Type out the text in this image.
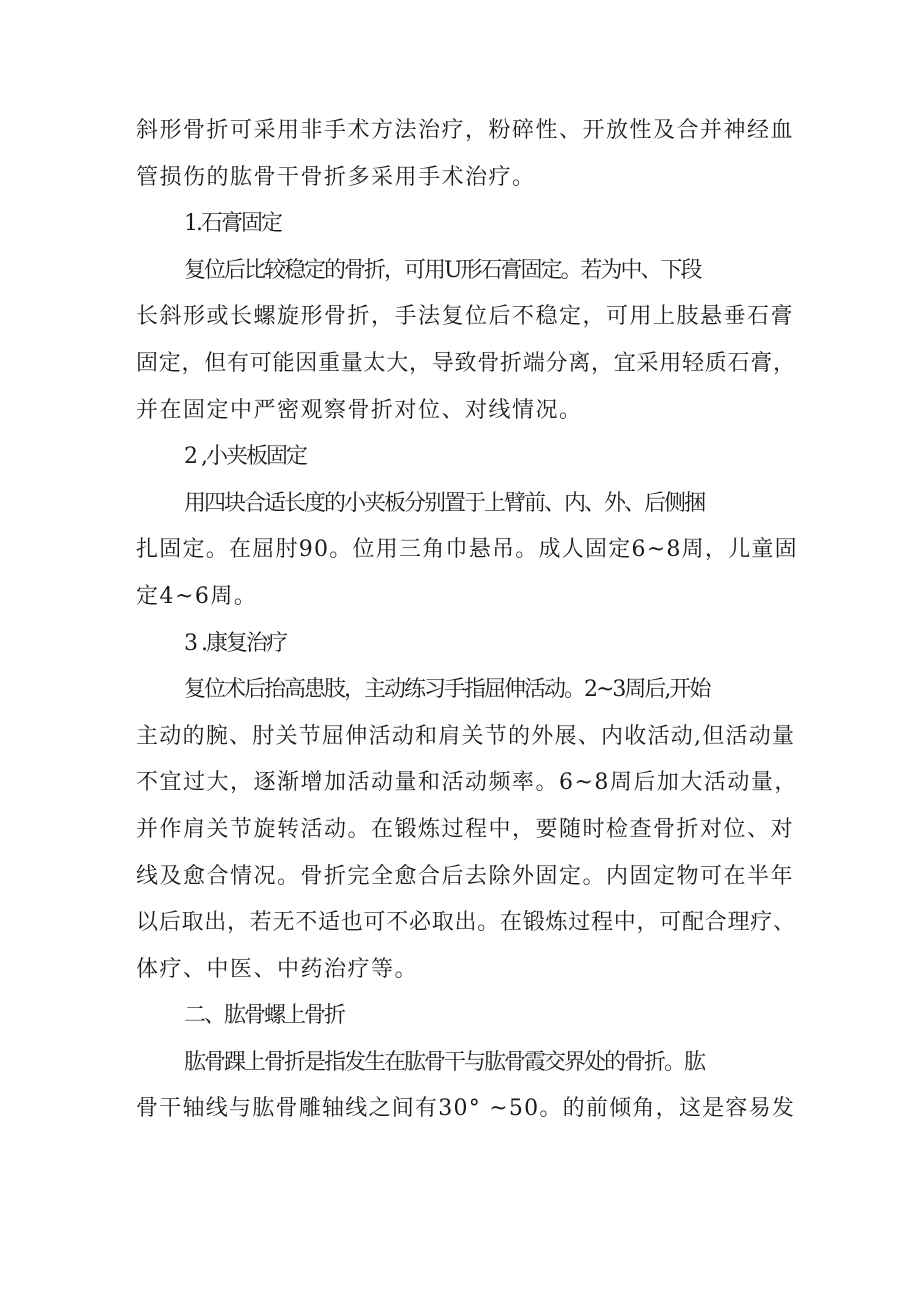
斜形骨折可采用非手术方法治疗，粉碎性、开放性及合并神经血
管损伤的肱骨干骨折多采用手术治疗。
1.石膏固定
复位后比较稳定的骨折，可用U形石膏固定。若为中、下段
长斜形或长螺旋形骨折，手法复位后不稳定，可用上肢悬垂石膏
固定，但有可能因重量太大，导致骨折端分离，宜采用轻质石膏，
并在固定中严密观察骨折对位、对线情况。
2 ,小夹板固定
用四块合适长度的小夹板分别置于上臂前、内、外、后侧捆
扎固定。在屈肘90。位用三角巾悬吊。成人固定6~8周，儿童固
定4~6周。
3 .康复治疗
复位术后抬高患肢，主动练习手指屈伸活动。2~3周后,开始
主动的腕、肘关节屈伸活动和肩关节的外展、内收活动,但活动量
不宜过大，逐渐增加活动量和活动频率。6~8周后加大活动量，
并作肩关节旋转活动。在锻炼过程中，要随时检查骨折对位、对
线及愈合情况。骨折完全愈合后去除外固定。内固定物可在半年
以后取出，若无不适也可不必取出。在锻炼过程中，可配合理疗、
体疗、中医、中药治疗等。
二、肱骨螺上骨折
肱骨踝上骨折是指发生在肱骨干与肱骨霞交界处的骨折。肱
骨干轴线与肱骨雕轴线之间有30° ~50。的前倾角，这是容易发
